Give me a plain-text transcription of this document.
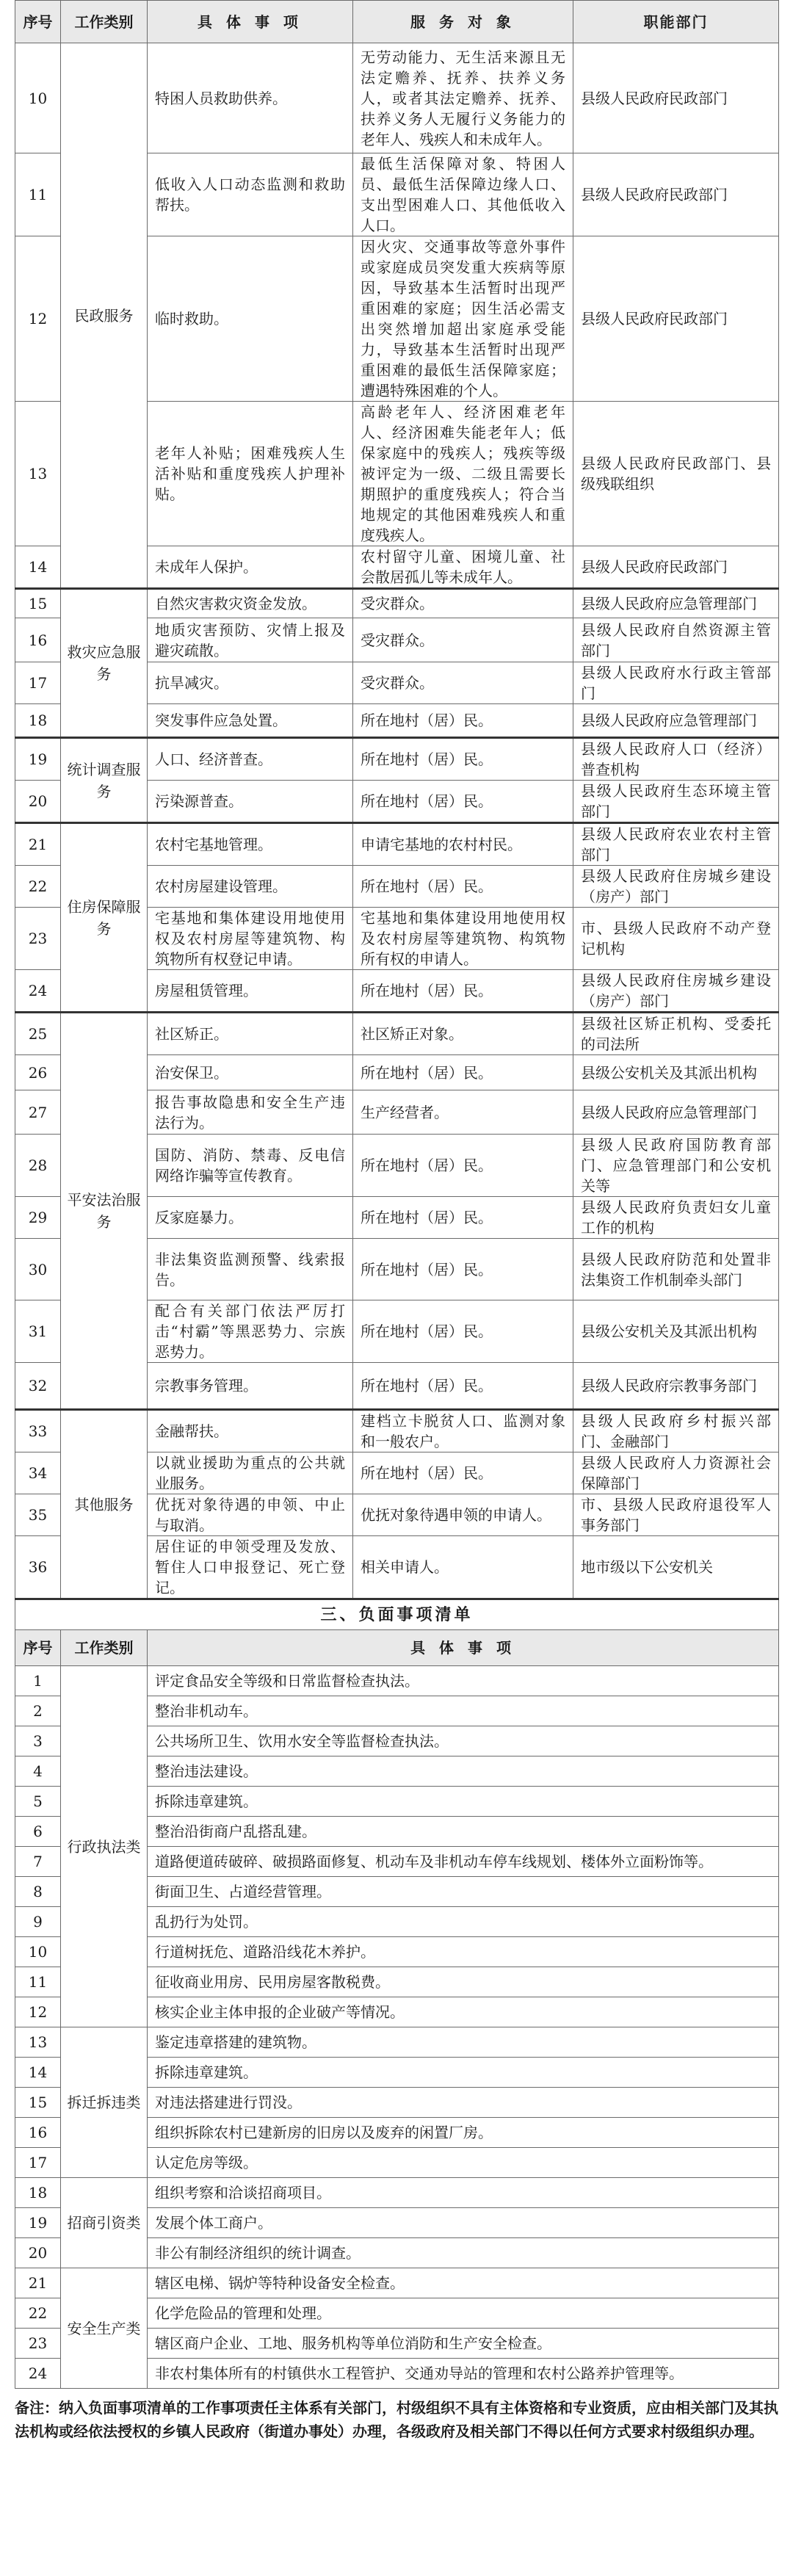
序号	工作类别	具 体 事 项	服 务 对 象	职能部门
10	民政服务	特困人员救助供养。	无劳动能力、无生活来源且无法定赡养、抚养、扶养义务人，或者其法定赡养、抚养、扶养义务人无履行义务能力的老年人、残疾人和未成年人。	县级人民政府民政部门
11		低收入人口动态监测和救助帮扶。	最低生活保障对象、特困人员、最低生活保障边缘人口、支出型困难人口、其他低收入人口。	县级人民政府民政部门
12		临时救助。	因火灾、交通事故等意外事件或家庭成员突发重大疾病等原因，导致基本生活暂时出现严重困难的家庭；因生活必需支出突然增加超出家庭承受能力，导致基本生活暂时出现严重困难的最低生活保障家庭；遭遇特殊困难的个人。	县级人民政府民政部门
13		老年人补贴；困难残疾人生活补贴和重度残疾人护理补贴。	高龄老年人、经济困难老年人、经济困难失能老年人；低保家庭中的残疾人；残疾等级被评定为一级、二级且需要长期照护的重度残疾人；符合当地规定的其他困难残疾人和重度残疾人。	县级人民政府民政部门、县级残联组织
14		未成年人保护。	农村留守儿童、困境儿童、社会散居孤儿等未成年人。	县级人民政府民政部门
15	救灾应急服务	自然灾害救灾资金发放。	受灾群众。	县级人民政府应急管理部门
16		地质灾害预防、灾情上报及避灾疏散。	受灾群众。	县级人民政府自然资源主管部门
17		抗旱减灾。	受灾群众。	县级人民政府水行政主管部门
18		突发事件应急处置。	所在地村（居）民。	县级人民政府应急管理部门
19	统计调查服务	人口、经济普查。	所在地村（居）民。	县级人民政府人口（经济）普查机构
20		污染源普查。	所在地村（居）民。	县级人民政府生态环境主管部门
21	住房保障服务	农村宅基地管理。	申请宅基地的农村村民。	县级人民政府农业农村主管部门
22		农村房屋建设管理。	所在地村（居）民。	县级人民政府住房城乡建设（房产）部门
23		宅基地和集体建设用地使用权及农村房屋等建筑物、构筑物所有权登记申请。	宅基地和集体建设用地使用权及农村房屋等建筑物、构筑物所有权的申请人。	市、县级人民政府不动产登记机构
24		房屋租赁管理。	所在地村（居）民。	县级人民政府住房城乡建设（房产）部门
25	平安法治服务	社区矫正。	社区矫正对象。	县级社区矫正机构、受委托的司法所
26		治安保卫。	所在地村（居）民。	县级公安机关及其派出机构
27		报告事故隐患和安全生产违法行为。	生产经营者。	县级人民政府应急管理部门
28		国防、消防、禁毒、反电信网络诈骗等宣传教育。	所在地村（居）民。	县级人民政府国防教育部门、应急管理部门和公安机关等
29		反家庭暴力。	所在地村（居）民。	县级人民政府负责妇女儿童工作的机构
30		非法集资监测预警、线索报告。	所在地村（居）民。	县级人民政府防范和处置非法集资工作机制牵头部门
31		配合有关部门依法严厉打击“村霸”等黑恶势力、宗族恶势力。	所在地村（居）民。	县级公安机关及其派出机构
32		宗教事务管理。	所在地村（居）民。	县级人民政府宗教事务部门
33	其他服务	金融帮扶。	建档立卡脱贫人口、监测对象和一般农户。	县级人民政府乡村振兴部门、金融部门
34		以就业援助为重点的公共就业服务。	所在地村（居）民。	县级人民政府人力资源社会保障部门
35		优抚对象待遇的申领、中止与取消。	优抚对象待遇申领的申请人。	市、县级人民政府退役军人事务部门
36		居住证的申领受理及发放、暂住人口申报登记、死亡登记。	相关申请人。	地市级以下公安机关
三、负面事项清单		
序号	工作类别	具 体 事 项
1	行政执法类	评定食品安全等级和日常监督检查执法。
2		整治非机动车。
3		公共场所卫生、饮用水安全等监督检查执法。
4		整治违法建设。
5		拆除违章建筑。
6		整治沿街商户乱搭乱建。
7		道路便道砖破碎、破损路面修复、机动车及非机动车停车线规划、楼体外立面粉饰等。
8		街面卫生、占道经营管理。
9		乱扔行为处罚。
10		行道树抚危、道路沿线花木养护。
11		征收商业用房、民用房屋客散税费。
12		核实企业主体申报的企业破产等情况。
13	拆迁拆违类	鉴定违章搭建的建筑物。
14		拆除违章建筑。
15		对违法搭建进行罚没。
16		组织拆除农村已建新房的旧房以及废弃的闲置厂房。
17		认定危房等级。
18	招商引资类	组织考察和洽谈招商项目。
19		发展个体工商户。
20		非公有制经济组织的统计调查。
21	安全生产类	辖区电梯、锅炉等特种设备安全检查。
22		化学危险品的管理和处理。
23		辖区商户企业、工地、服务机构等单位消防和生产安全检查。
24		非农村集体所有的村镇供水工程管护、交通劝导站的管理和农村公路养护管理等。
备注：纳入负面事项清单的工作事项责任主体系有关部门，村级组织不具有主体资格和专业资质，应由相关部门及其执法机构或经依法授权的乡镇人民政府（街道办事处）办理，各级政府及相关部门不得以任何方式要求村级组织办理。
